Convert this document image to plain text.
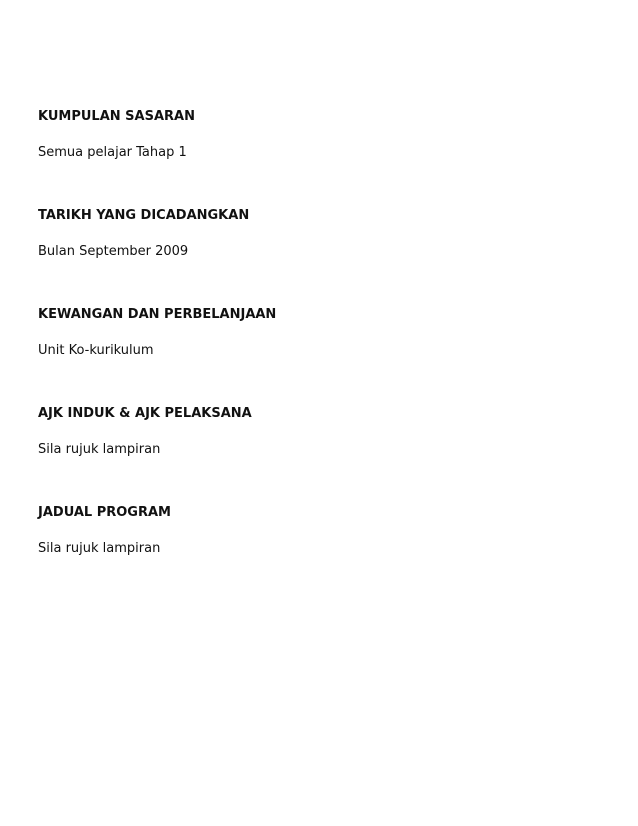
KUMPULAN SASARAN

Semua pelajar Tahap 1

TARIKH YANG DICADANGKAN

Bulan September 2009

KEWANGAN DAN PERBELANJAAN

Unit Ko-kurikulum

AJK INDUK & AJK PELAKSANA

Sila rujuk lampiran

JADUAL PROGRAM

Sila rujuk lampiran
